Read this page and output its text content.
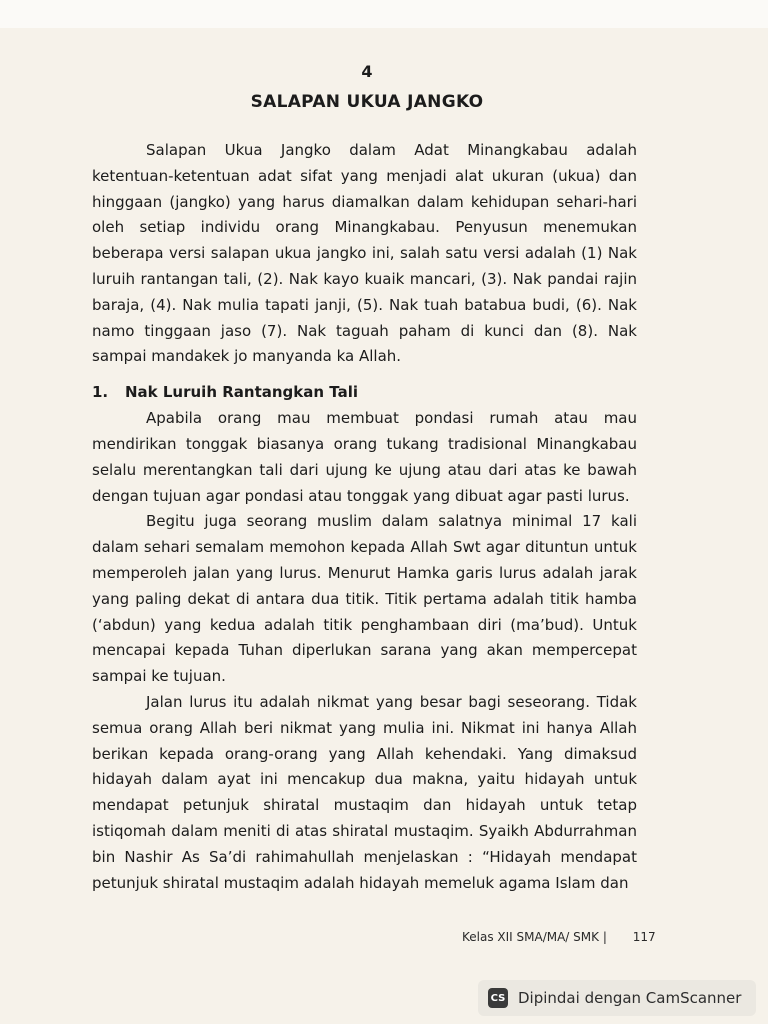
4
SALAPAN UKUA JANGKO

Salapan Ukua Jangko dalam Adat Minangkabau adalah ketentuan-ketentuan adat sifat yang menjadi alat ukuran (ukua) dan hinggaan (jangko) yang harus diamalkan dalam kehidupan sehari-hari oleh setiap individu orang Minangkabau. Penyusun menemukan beberapa versi salapan ukua jangko ini, salah satu versi adalah (1) Nak luruih rantangan tali, (2). Nak kayo kuaik mancari, (3). Nak pandai rajin baraja, (4). Nak mulia tapati janji, (5). Nak tuah batabua budi, (6). Nak namo tinggaan jaso (7). Nak taguah paham di kunci dan (8). Nak sampai mandakek jo manyanda ka Allah.

1. Nak Luruih Rantangkan Tali

Apabila orang mau membuat pondasi rumah atau mau mendirikan tonggak biasanya orang tukang tradisional Minangkabau selalu merentangkan tali dari ujung ke ujung atau dari atas ke bawah dengan tujuan agar pondasi atau tonggak yang dibuat agar pasti lurus.

Begitu juga seorang muslim dalam salatnya minimal 17 kali dalam sehari semalam memohon kepada Allah Swt agar dituntun untuk memperoleh jalan yang lurus. Menurut Hamka garis lurus adalah jarak yang paling dekat di antara dua titik. Titik pertama adalah titik hamba (‘abdun) yang kedua adalah titik penghambaan diri (ma’bud). Untuk mencapai kepada Tuhan diperlukan sarana yang akan mempercepat sampai ke tujuan.

Jalan lurus itu adalah nikmat yang besar bagi seseorang. Tidak semua orang Allah beri nikmat yang mulia ini. Nikmat ini hanya Allah berikan kepada orang-orang yang Allah kehendaki. Yang dimaksud hidayah dalam ayat ini mencakup dua makna, yaitu hidayah untuk mendapat petunjuk shiratal mustaqim dan hidayah untuk tetap istiqomah dalam meniti di atas shiratal mustaqim. Syaikh Abdurrahman bin Nashir As Sa’di rahimahullah menjelaskan : “Hidayah mendapat petunjuk shiratal mustaqim adalah hidayah memeluk agama Islam dan

Kelas XII SMA/MA/ SMK | 117
CS Dipindai dengan CamScanner
